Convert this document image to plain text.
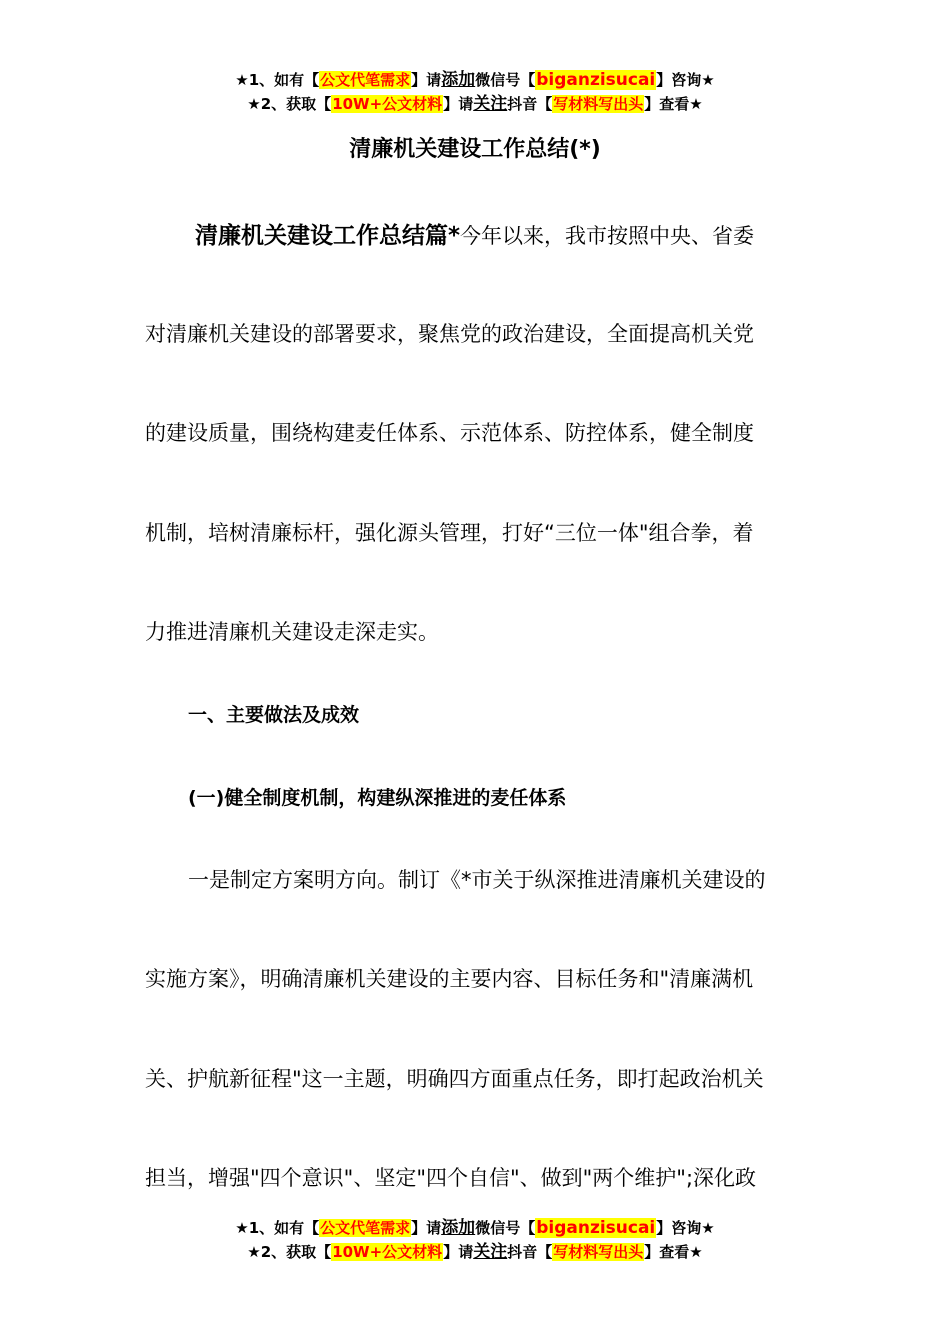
★1、如有【公文代笔需求】请添加微信号【biganzisucai】咨询★
★2、获取【10W+公文材料】请关注抖音【写材料写出头】查看★
清廉机关建设工作总结(*)
清廉机关建设工作总结篇*今年以来，我市按照中央、省委
对清廉机关建设的部署要求，聚焦党的政治建设，全面提高机关党
的建设质量，围绕构建麦任体系、示范体系、防控体系，健全制度
机制，培树清廉标杆，强化源头管理，打好“三位一体"组合拳，着
力推进清廉机关建设走深走实。
一、主要做法及成效
(一)健全制度机制，构建纵深推进的麦任体系
一是制定方案明方向。制订《*市关于纵深推进清廉机关建设的
实施方案》，明确清廉机关建设的主要内容、目标任务和"清廉满机
关、护航新征程"这一主题，明确四方面重点任务，即打起政治机关
担当，增强"四个意识"、坚定"四个自信"、做到"两个维护";深化政
★1、如有【公文代笔需求】请添加微信号【biganzisucai】咨询★
★2、获取【10W+公文材料】请关注抖音【写材料写出头】查看★
